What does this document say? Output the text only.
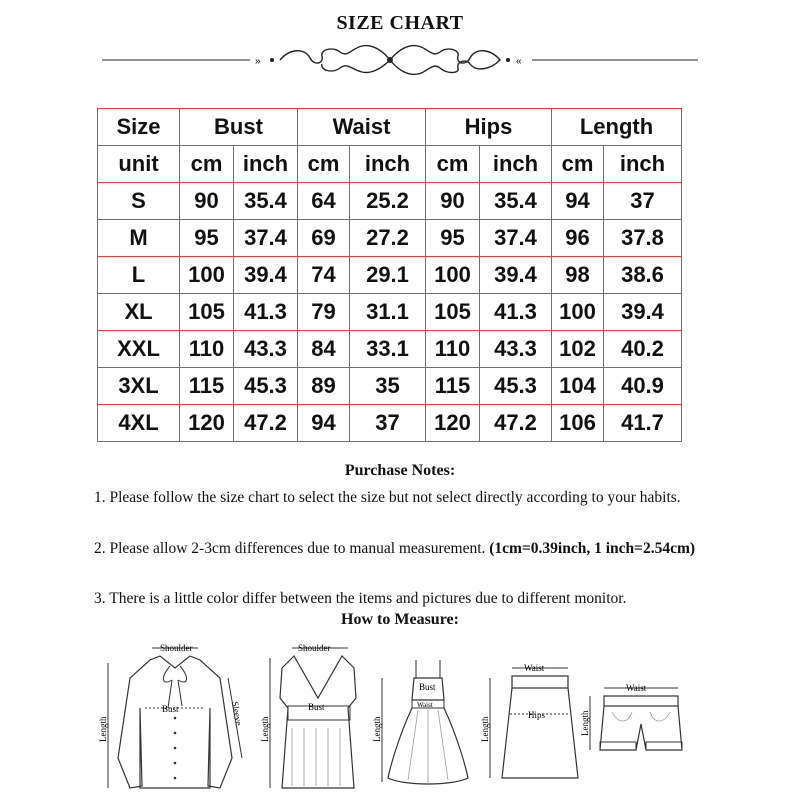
SIZE CHART
»	«
Size	Bust		Waist		Hips		Length	
unit	cm	inch	cm	inch	cm	inch	cm	inch
S	90	35.4	64	25.2	90	35.4	94	37
M	95	37.4	69	27.2	95	37.4	96	37.8
L	100	39.4	74	29.1	100	39.4	98	38.6
XL	105	41.3	79	31.1	105	41.3	100	39.4
XXL	110	43.3	84	33.1	110	43.3	102	40.2
3XL	115	45.3	89	35	115	45.3	104	40.9
4XL	120	47.2	94	37	120	47.2	106	41.7
Purchase Notes:
1. Please follow the size chart to select the size but not select directly according to your habits.
2. Please allow 2-3cm differences due to manual measurement. (1cm=0.39inch, 1 inch=2.54cm)
3. There is a little color differ between the items and pictures due to different monitor.
How to Measure:
Shoulder
Bust
Length
Sleeve
Shoulder
Bust
Length
Bust
Waist
Length
Waist
Hips
Length
Waist
Length
